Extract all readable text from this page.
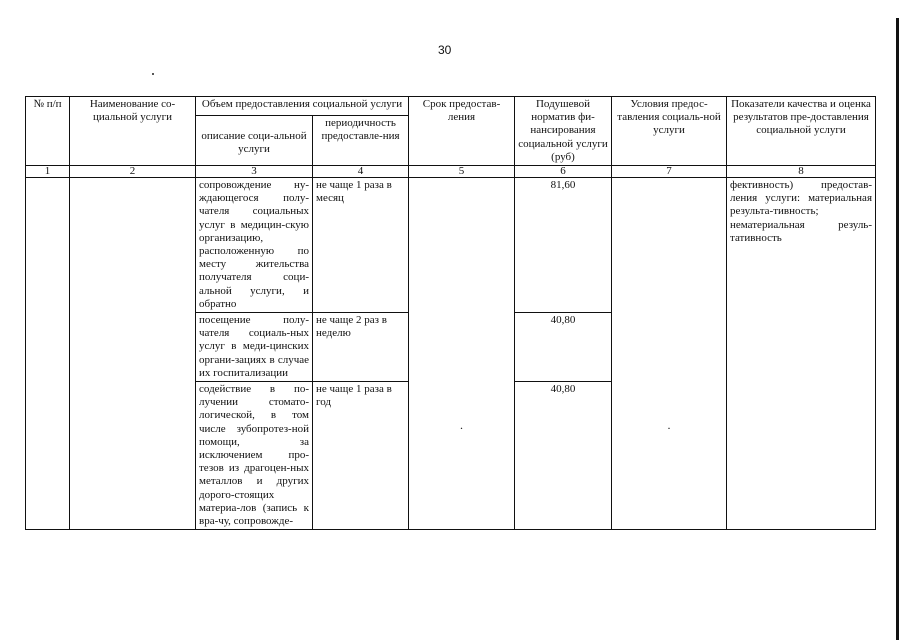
30
№ п/п	Наименование со-циальной услуги	Объем предоставления социальной услуги		Срок предостав-ления	Подушевой норматив фи-нансирования социальной услуги (руб)	Условия предос-тавления социаль-ной услуги	Показатели качества и оценка результатов пре-доставления социальной услуги
		описание соци-альной услуги	периодичность предоставле-ния				
1	2	3	4	5	6	7	8
		сопровождение ну-ждающегося полу-чателя социальных услуг в медицин-скую организацию, расположенную по месту жительства получателя соци-альной услуги, и обратно	не чаще 1 раза в месяц		81,60		фективность) предостав-ления услуги: материальная результа-тивность; нематериальная резуль-тативность
		посещение полу-чателя социаль-ных услуг в меди-цинских органи-зациях в случае их госпитализации	не чаще 2 раз в неделю		40,80		
		содействие в по-лучении стомато-логической, в том числе зубопротез-ной помощи, за исключением про-тезов из драгоцен-ных металлов и других дорого-стоящих материа-лов (запись к вра-чу, сопровожде-	не чаще 1 раза в год	.	40,80	.	
